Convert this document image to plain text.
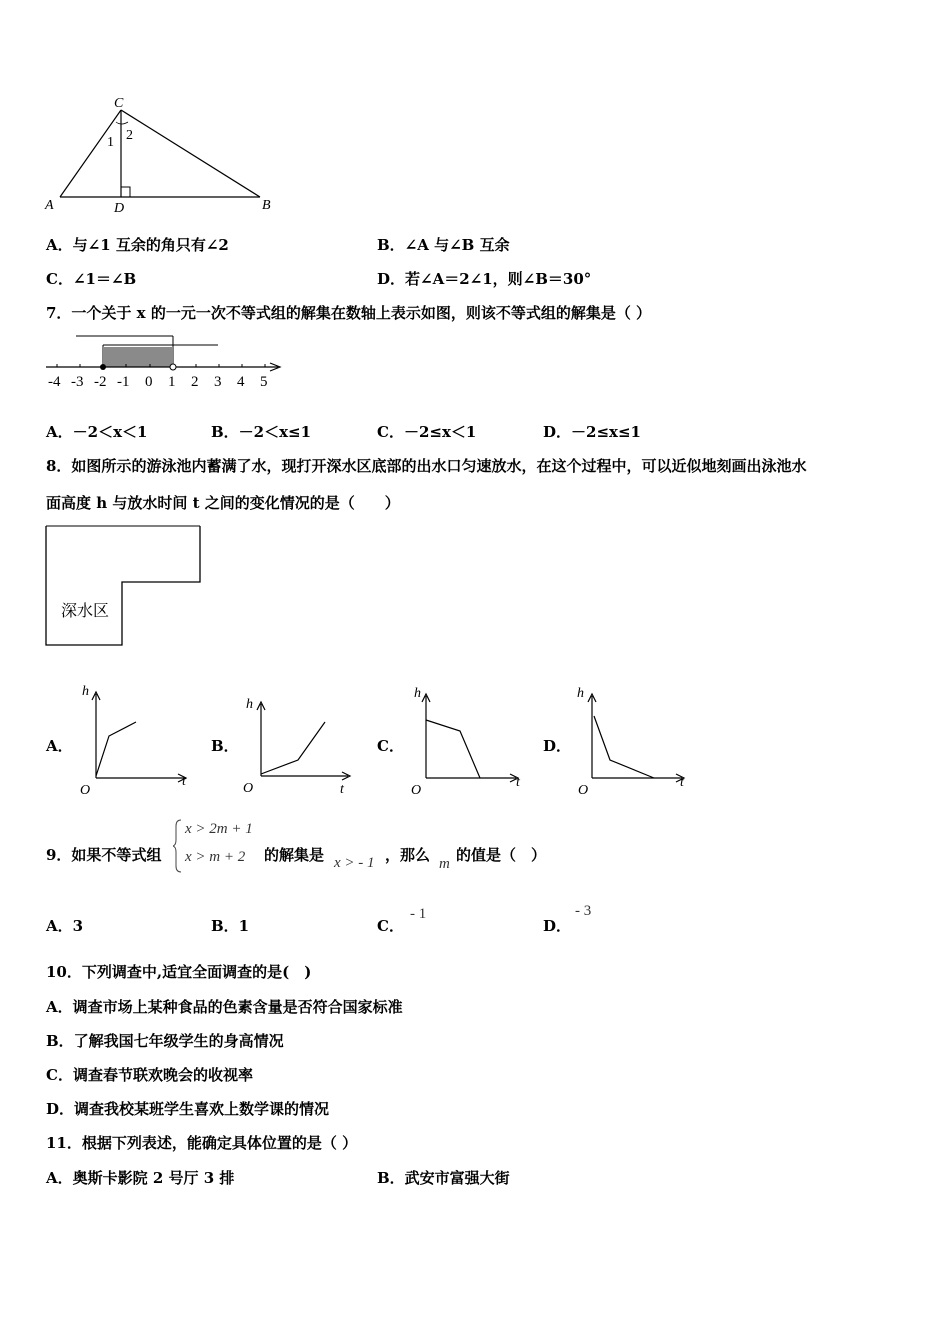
C
A	D	B
1 2
A．与∠1 互余的角只有∠2	B．∠A 与∠B 互余
C．∠1＝∠B	D．若∠A＝2∠1，则∠B＝30°
7．一个关于 x 的一元一次不等式组的解集在数轴上表示如图，则该不等式组的解集是（ ）
-4 -3 -2 -1 0 1 2 3 4 5
A．－2＜x＜1	B．－2＜x≤1	C．－2≤x＜1	D．－2≤x≤1
8．如图所示的游泳池内蓄满了水，现打开深水区底部的出水口匀速放水，在这个过程中，可以近似地刻画出泳池水
面高度 h 与放水时间 t 之间的变化情况的是（　　）
深水区
A．
h
t
O
B．
h
t
O
C．
h
t
O
D．
h
t
O
9．如果不等式组
x > 2m + 1
x > m + 2 的解集是 x > - 1 ，那么 m 的值是（　）
A．3	B．1	C．
- 1
D．
- 3
10．下列调查中,适宜全面调查的是(　)
A．调查市场上某种食品的色素含量是否符合国家标准
B．了解我国七年级学生的身高情况
C．调查春节联欢晚会的收视率
D．调查我校某班学生喜欢上数学课的情况
11．根据下列表述，能确定具体位置的是（ ）
A．奥斯卡影院 2 号厅 3 排	B．武安市富强大街
